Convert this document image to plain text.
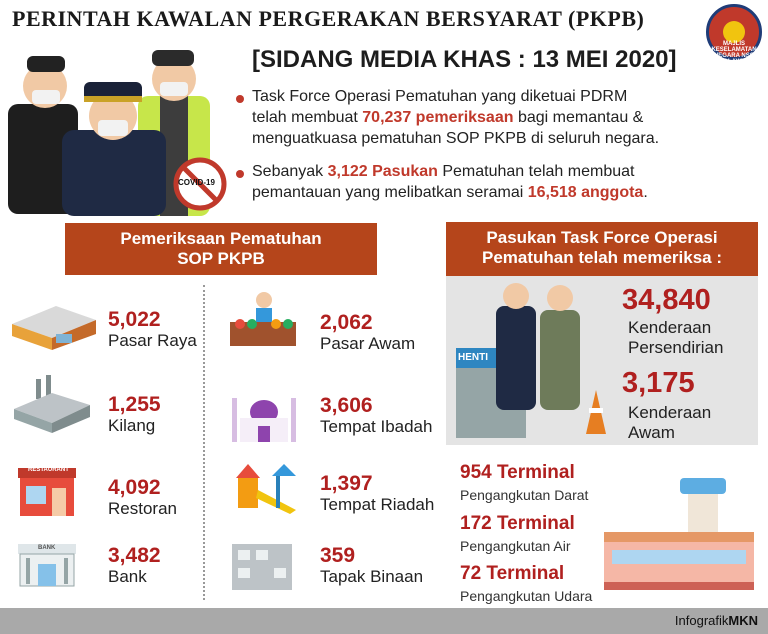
PERINTAH KAWALAN PERGERAKAN BERSYARAT (PKPB)
MAJLIS KESELAMATAN NEGARA NSC MALAYSIA
COVID-19
[SIDANG MEDIA KHAS : 13 MEI 2020]
Task Force Operasi Pematuhan yang diketuai PDRM
telah membuat 70,237 pemeriksaan bagi memantau &
menguatkuasa pematuhan SOP PKPB di seluruh negara.
Sebanyak 3,122 Pasukan Pematuhan telah membuat
pemantauan yang melibatkan seramai 16,518 anggota.
Pemeriksaan Pematuhan
SOP PKPB
RESTAURANT
BANK
5,022
Pasar Raya
1,255
Kilang
4,092
Restoran
3,482
Bank
2,062
Pasar Awam
3,606
Tempat Ibadah
1,397
Tempat Riadah
359
Tapak Binaan
Pasukan Task Force Operasi
Pematuhan telah memeriksa :
HENTI
34,840
Kenderaan
Persendirian
3,175
Kenderaan
Awam
954 Terminal
Pengangkutan Darat
172 Terminal
Pengangkutan Air
72 Terminal
Pengangkutan Udara
InfografikMKN
